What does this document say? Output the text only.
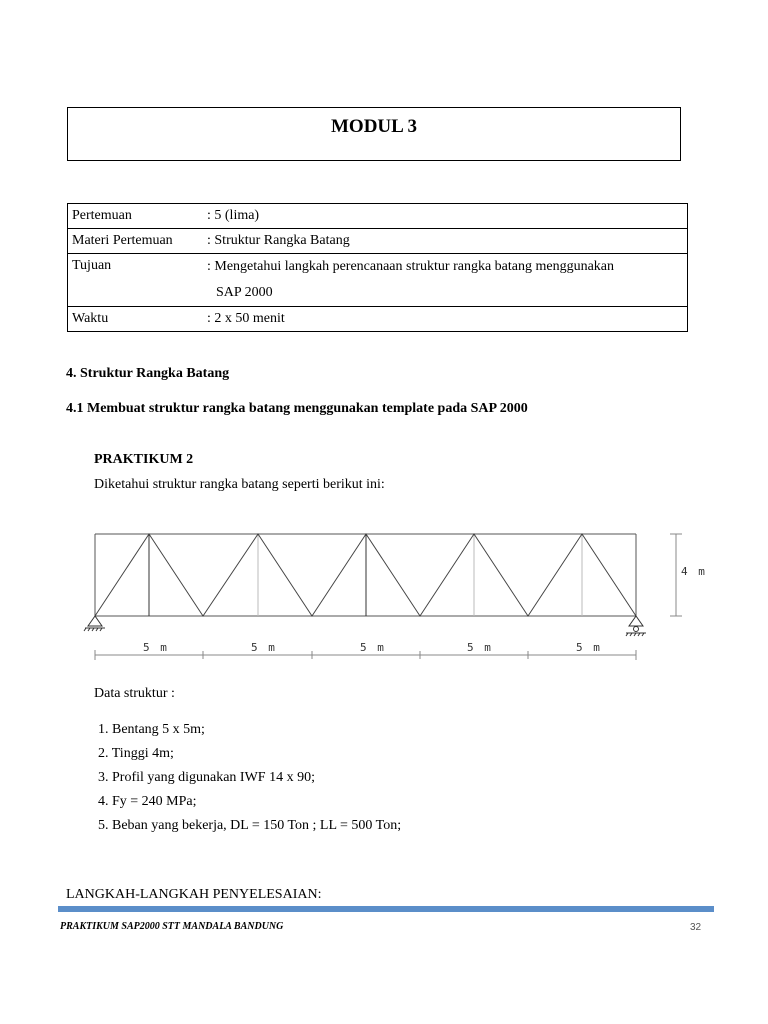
MODUL 3
Pertemuan	: 5 (lima)
Materi Pertemuan	: Struktur Rangka Batang
Tujuan	: Mengetahui langkah perencanaan struktur rangka batang menggunakan
SAP 2000

Waktu	: 2 x 50 menit
4. Struktur Rangka Batang
4.1 Membuat struktur rangka batang menggunakan template pada SAP 2000
PRAKTIKUM 2
Diketahui struktur rangka batang seperti berikut ini:
4 m
5 m	5 m	5 m	5 m	5 m
Data struktur :
1. Bentang 5 x 5m;
2. Tinggi 4m;
3. Profil yang digunakan IWF 14 x 90;
4. Fy = 240 MPa;
5. Beban yang bekerja, DL = 150 Ton ; LL = 500 Ton;
LANGKAH-LANGKAH PENYELESAIAN:
PRAKTIKUM SAP2000 STT MANDALA BANDUNG	32
